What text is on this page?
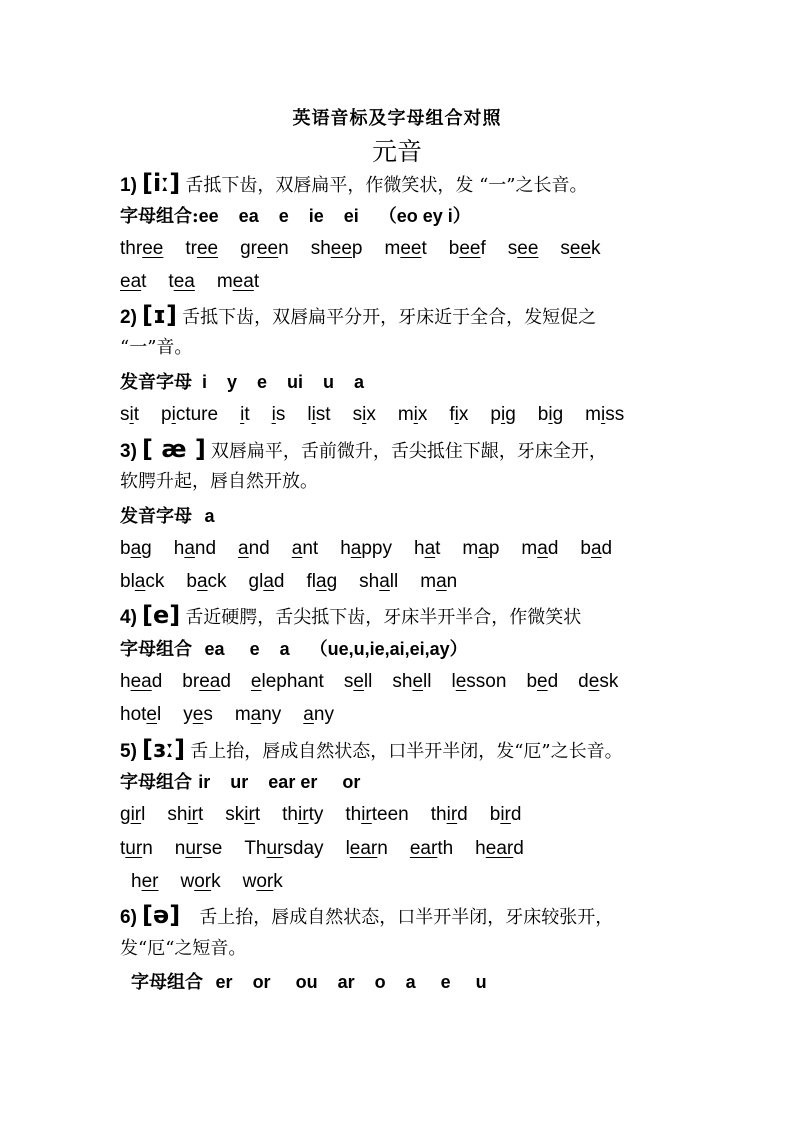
英语音标及字母组合对照
元音
1) [iː] 舌抵下齿，双唇扁平，作微笑状，发 “一”之长音。
字母组合:ee    ea    e    ie    ei    （eo ey i）
three tree green sheep meet beef see seek
eat tea meat
2) [ɪ] 舌抵下齿，双唇扁平分开，牙床近于全合，发短促之
“一”音。
发音字母  i    y    e    ui    u    a
sit picture it is list six mix fix pig big miss
3) [ æ ] 双唇扁平，舌前微升，舌尖抵住下龈，牙床全开，
软腭升起，唇自然开放。
发音字母 a
bag hand and ant happy hat map mad bad
black back glad flag shall man
4) [e] 舌近硬腭，舌尖抵下齿，牙床半开半合，作微笑状
字母组合 ea     e    a    （ue,u,ie,ai,ei,ay）
head bread elephant sell shell lesson bed desk
hotel yes many any
5) [ɜː] 舌上抬，唇成自然状态，口半开半闭，发“厄”之长音。
字母组合 ir    ur    ear er     or
girl shirt skirt thirty thirteen third bird
turn nurse Thursday learn earth heard
her work work
6) [ə] 舌上抬，唇成自然状态，口半开半闭，牙床较张开，
发“厄“之短音。
字母组合 er    or     ou    ar    o    a     e     u
